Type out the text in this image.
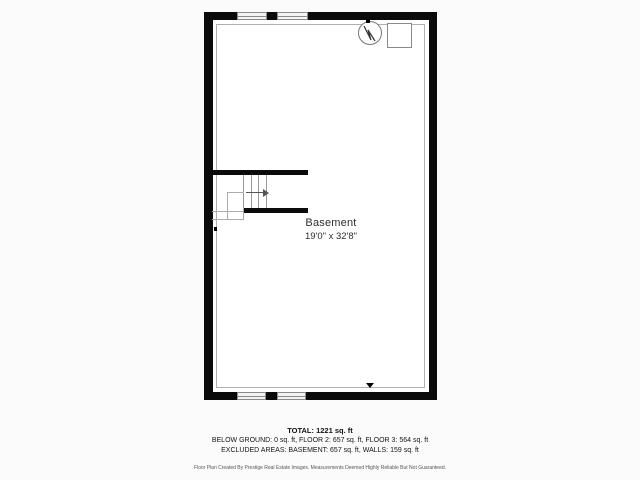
Basement
19'0" x 32'8"
TOTAL: 1221 sq. ft
BELOW GROUND: 0 sq. ft, FLOOR 2: 657 sq. ft, FLOOR 3: 564 sq. ft
EXCLUDED AREAS: BASEMENT: 657 sq. ft, WALLS: 159 sq. ft
Floor Plan Created By Prestige Real Estate Images. Measurements Deemed Highly Reliable But Not Guaranteed.
